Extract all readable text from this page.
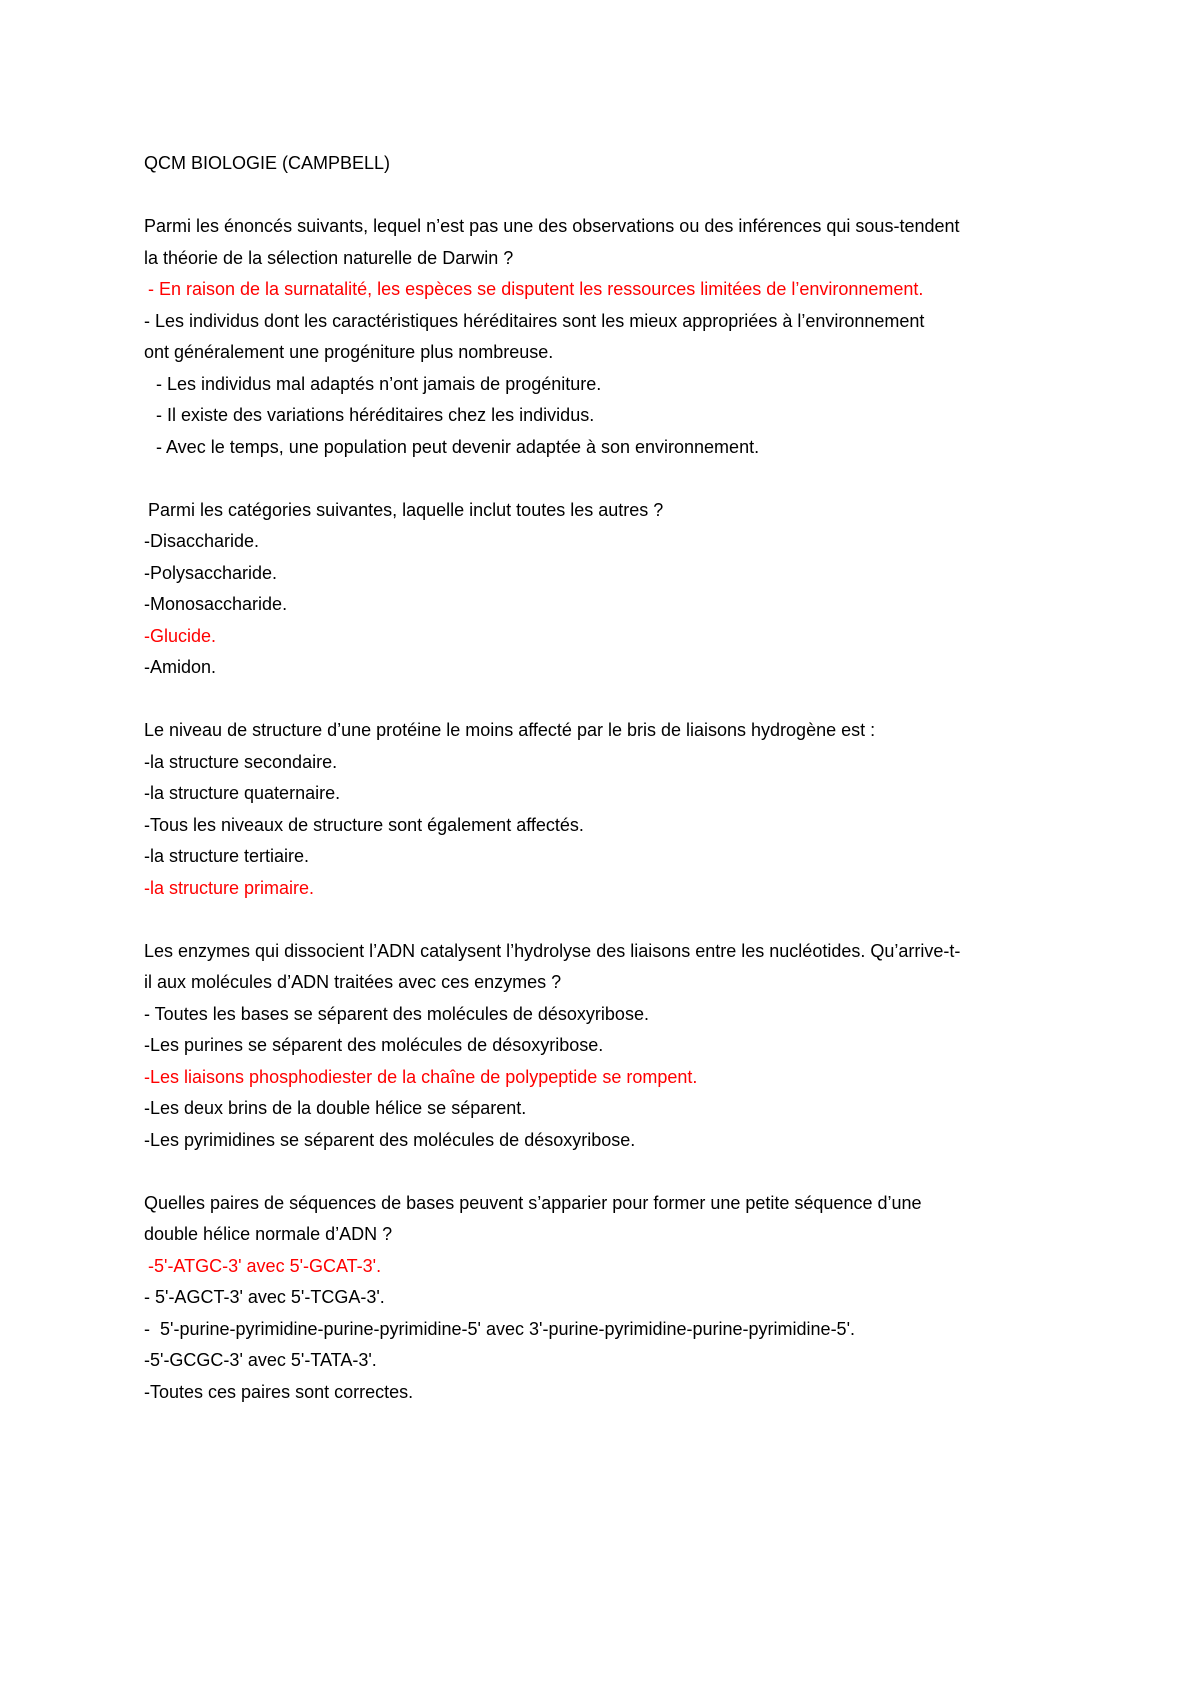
QCM BIOLOGIE (CAMPBELL)
Parmi les énoncés suivants, lequel n’est pas une des observations ou des inférences qui sous-tendent
la théorie de la sélection naturelle de Darwin ?
- En raison de la surnatalité, les espèces se disputent les ressources limitées de l’environnement.
- Les individus dont les caractéristiques héréditaires sont les mieux appropriées à l’environnement
ont généralement une progéniture plus nombreuse.
- Les individus mal adaptés n’ont jamais de progéniture.
- Il existe des variations héréditaires chez les individus.
- Avec le temps, une population peut devenir adaptée à son environnement.
Parmi les catégories suivantes, laquelle inclut toutes les autres ?
-Disaccharide.
-Polysaccharide.
-Monosaccharide.
-Glucide.
-Amidon.
Le niveau de structure d’une protéine le moins affecté par le bris de liaisons hydrogène est :
-la structure secondaire.
-la structure quaternaire.
-Tous les niveaux de structure sont également affectés.
-la structure tertiaire.
-la structure primaire.
Les enzymes qui dissocient l’ADN catalysent l’hydrolyse des liaisons entre les nucléotides. Qu’arrive-t-
il aux molécules d’ADN traitées avec ces enzymes ?
- Toutes les bases se séparent des molécules de désoxyribose.
-Les purines se séparent des molécules de désoxyribose.
-Les liaisons phosphodiester de la chaîne de polypeptide se rompent.
-Les deux brins de la double hélice se séparent.
-Les pyrimidines se séparent des molécules de désoxyribose.
Quelles paires de séquences de bases peuvent s’apparier pour former une petite séquence d’une
double hélice normale d’ADN ?
-5'-ATGC-3' avec 5'-GCAT-3'.
- 5'-AGCT-3' avec 5'-TCGA-3'.
-  5'-purine-pyrimidine-purine-pyrimidine-5' avec 3'-purine-pyrimidine-purine-pyrimidine-5'.
-5'-GCGC-3' avec 5'-TATA-3'.
-Toutes ces paires sont correctes.
